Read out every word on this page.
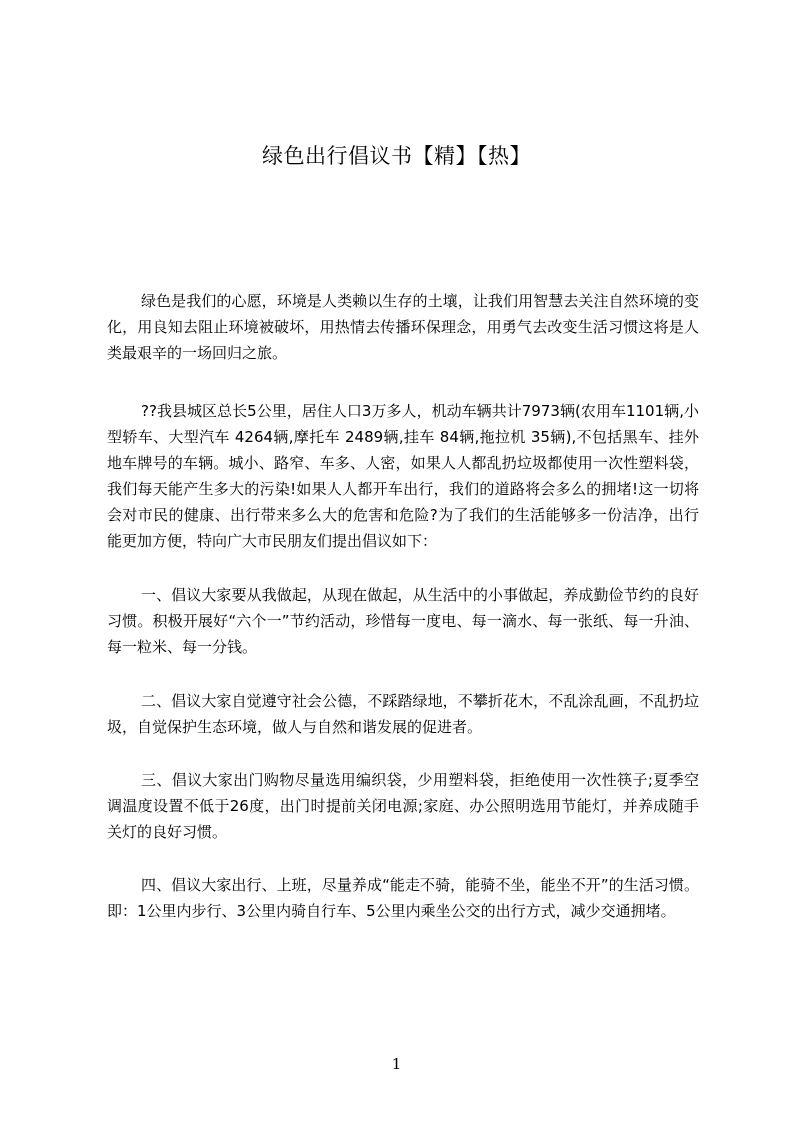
绿色出行倡议书【精】【热】

绿色是我们的心愿，环境是人类赖以生存的土壤，让我们用智慧去关注自然环境的变化，用良知去阻止环境被破坏，用热情去传播环保理念，用勇气去改变生活习惯这将是人类最艰辛的一场回归之旅。

??我县城区总长5公里，居住人口3万多人，机动车辆共计7973辆(农用车1101辆,小型轿车、大型汽车 4264辆,摩托车 2489辆,挂车 84辆,拖拉机 35辆),不包括黑车、挂外地车牌号的车辆。城小、路窄、车多、人密，如果人人都乱扔垃圾都使用一次性塑料袋，我们每天能产生多大的污染!如果人人都开车出行，我们的道路将会多么的拥堵!这一切将会对市民的健康、出行带来多么大的危害和危险?为了我们的生活能够多一份洁净，出行能更加方便，特向广大市民朋友们提出倡议如下：

一、倡议大家要从我做起，从现在做起，从生活中的小事做起，养成勤俭节约的良好习惯。积极开展好“六个一”节约活动，珍惜每一度电、每一滴水、每一张纸、每一升油、每一粒米、每一分钱。

二、倡议大家自觉遵守社会公德，不踩踏绿地，不攀折花木，不乱涂乱画，不乱扔垃圾，自觉保护生态环境，做人与自然和谐发展的促进者。

三、倡议大家出门购物尽量选用编织袋，少用塑料袋，拒绝使用一次性筷子;夏季空调温度设置不低于26度，出门时提前关闭电源;家庭、办公照明选用节能灯，并养成随手关灯的良好习惯。

四、倡议大家出行、上班，尽量养成“能走不骑，能骑不坐，能坐不开”的生活习惯。即：1公里内步行、3公里内骑自行车、5公里内乘坐公交的出行方式，减少交通拥堵。

1
